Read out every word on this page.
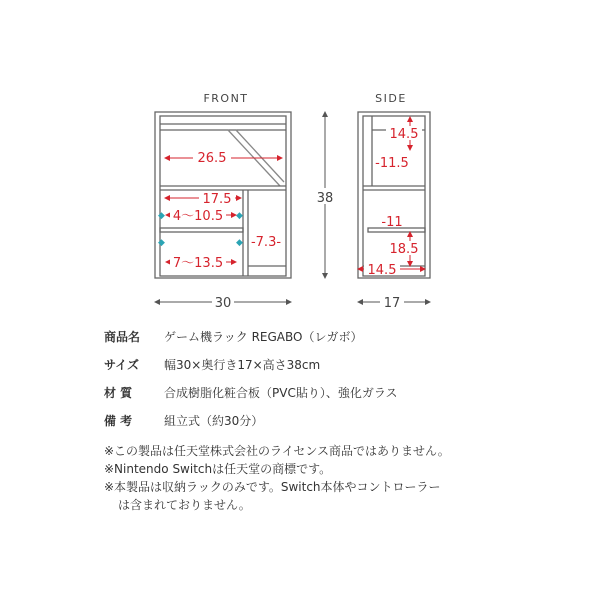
FRONT
26.5
17.5
◆	◆
4〜10.5
◆	◆
7〜13.5
-7.3-
38
30
SIDE
14.5
-11.5
-11
18.5
14.5
17
商品名 ゲーム機ラック REGABO（レガボ）
サイズ 幅30×奥行き17×高さ38cm
材 質	合成樹脂化粧合板（PVC貼り）、強化ガラス
備 考	組立式（約30分）
※この製品は任天堂株式会社のライセンス商品ではありません。
※Nintendo Switchは任天堂の商標です。
※本製品は収納ラックのみです。Switch本体やコントローラー
は含まれておりません。
